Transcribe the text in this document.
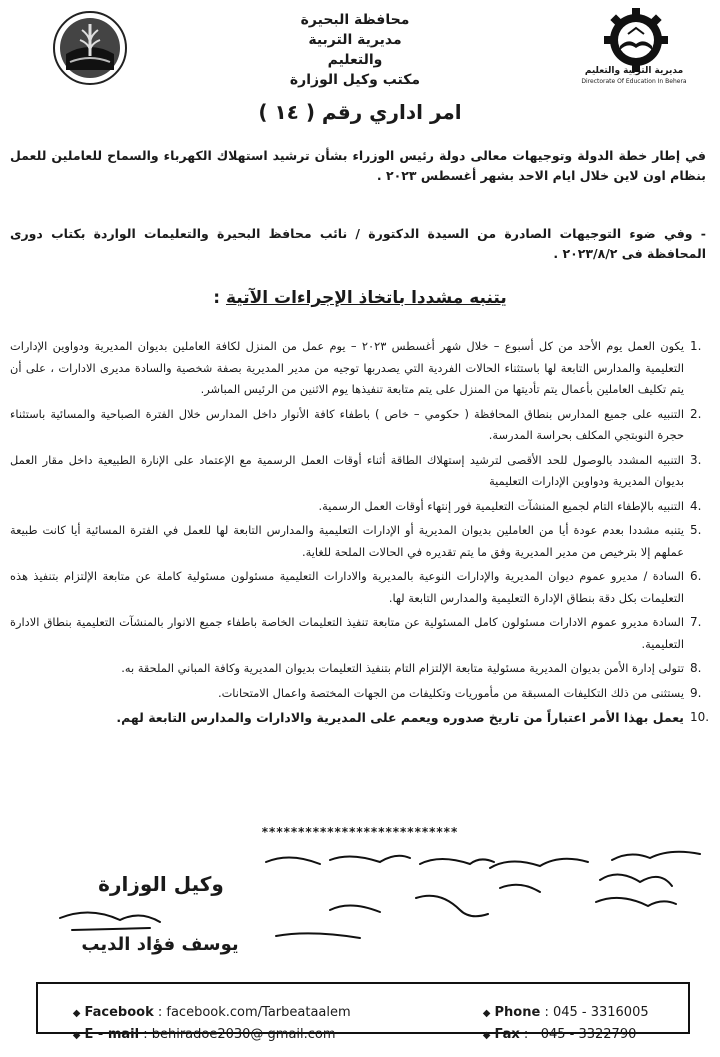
محافظة البحيرة
مديرية التربية والتعليم
مكتب وكيل الوزارة
مديرية التربية والتعليم
Directorate Of Education In Behera
امر اداري رقم ( ١٤ )
في إطار خطة الدولة وتوجيهات معالى دولة رئيس الوزراء بشأن ترشيد استهلاك الكهرباء والسماح للعاملين للعمل بنظام اون لاين خلال ايام الاحد بشهر أغسطس ٢٠٢٣ .
- وفي ضوء التوجيهات الصادرة من السيدة الدكتورة / نائب محافظ البحيرة والتعليمات الواردة بكتاب دورى المحافظة فى ٢٠٢٣/٨/٢ .
يتنبه مشددا باتخاذ الإجراءات الآتية :
1.
يكون العمل يوم الأحد من كل أسبوع – خلال شهر أغسطس ٢٠٢٣ – يوم عمل من المنزل لكافة العاملين بديوان المديرية ودواوين الإدارات التعليمية والمدارس التابعة لها باستثناء الحالات الفردية التي يصدربها توجيه من مدير المديرية بصفة شخصية والسادة مديرى الادارات ، على أن يتم تكليف العاملين بأعمال يتم تأديتها من المنزل على يتم متابعة تنفيذها يوم الاثنين من الرئيس المباشر.
2.
التنبيه على جميع المدارس بنطاق المحافظة ( حكومي – خاص ) باطفاء كافة الأنوار داخل المدارس خلال الفترة الصباحية والمسائية باستثناء حجرة النوبتجي المكلف بحراسة المدرسة.
3.
التنبيه المشدد بالوصول للحد الأقصى لترشيد إستهلاك الطاقة أثناء أوقات العمل الرسمية مع الإعتماد على الإنارة الطبيعية داخل مقار العمل بديوان المديرية ودواوين الإدارات التعليمية
4.
التنبيه بالإطفاء التام لجميع المنشآت التعليمية فور إنتهاء أوقات العمل الرسمية.
5.
يتنبه مشددا بعدم عودة أيا من العاملين بديوان المديرية أو الإدارات التعليمية والمدارس التابعة لها للعمل في الفترة المسائية أيا كانت طبيعة عملهم إلا بترخيص من مدير المديرية وفق ما يتم تقديره في الحالات الملحة للغاية.
6.
السادة / مديرو عموم ديوان المديرية والإدارات النوعية بالمديرية والادارات التعليمية مسئولون مسئولية كاملة عن متابعة الإلتزام بتنفيذ هذه التعليمات بكل دقة بنطاق الإدارة التعليمية والمدارس التابعة لها.
7.
السادة مديرو عموم الادارات مسئولون كامل المسئولية عن متابعة تنفيذ التعليمات الخاصة باطفاء جميع الانوار بالمنشآت التعليمية بنطاق الادارة التعليمية.
8.
تتولى إدارة الأمن بديوان المديرية مسئولية متابعة الإلتزام التام بتنفيذ التعليمات بديوان المديرية وكافة المباني الملحقة به.
9.
يستثنى من ذلك التكليفات المسبقة من مأموريات وتكليفات من الجهات المختصة واعمال الامتحانات.
10.
يعمل بهذا الأمر اعتباراً من تاريخ صدوره ويعمم على المديرية والادارات والمدارس التابعة لهم.
***************************
وكيل الوزارة
يوسف فؤاد الديب

◆ Facebook : facebook.com/Tarbeataalem

◆ E - mail : behiradoe2030@ gmail.com

◆ Phone : 045 - 3316005

◆ Fax :   045 - 3322790
